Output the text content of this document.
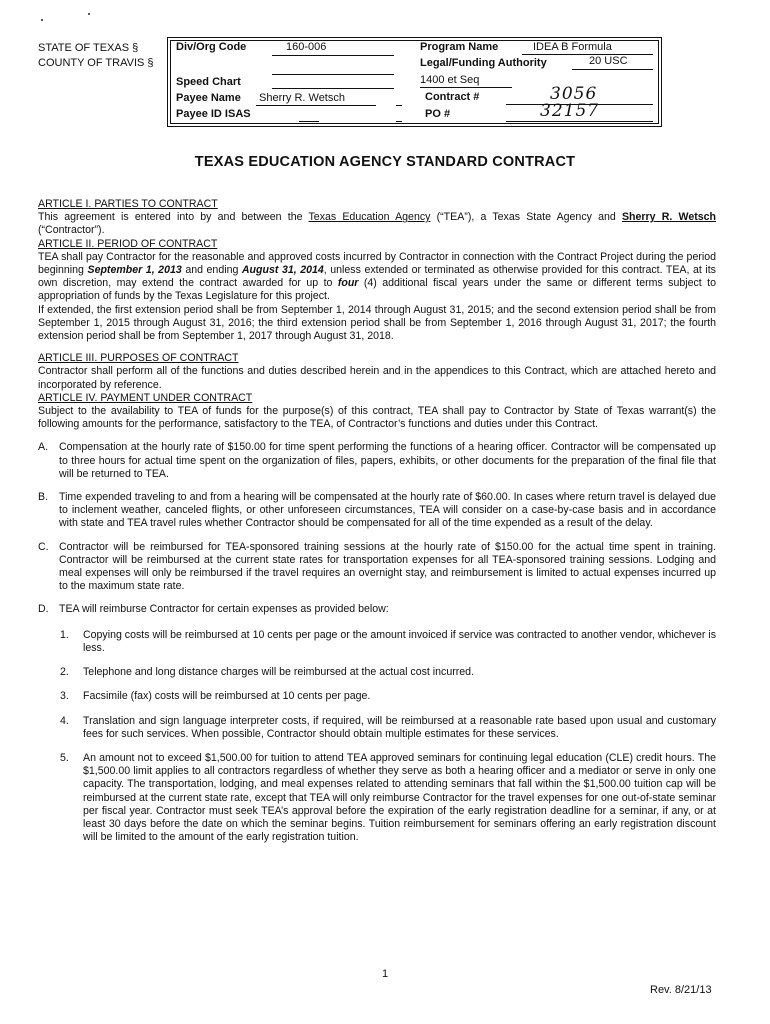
STATE OF TEXAS §
COUNTY OF TRAVIS §
Div/Org Code	160-006
Speed Chart
Payee Name Sherry R. Wetsch
Payee ID ISAS
Program Name	IDEA B Formula
Legal/Funding Authority	20 USC
1400 et Seq
Contract #	3056
PO #	32157
TEXAS EDUCATION AGENCY STANDARD CONTRACT

ARTICLE I. PARTIES TO CONTRACT

This agreement is entered into by and between the Texas Education Agency (“TEA”), a Texas State Agency and Sherry R. Wetsch (“Contractor”).

ARTICLE II. PERIOD OF CONTRACT

TEA shall pay Contractor for the reasonable and approved costs incurred by Contractor in connection with the Contract Project during the period beginning September 1, 2013 and ending August 31, 2014, unless extended or terminated as otherwise provided for this contract. TEA, at its own discretion, may extend the contract awarded for up to four (4) additional fiscal years under the same or different terms subject to appropriation of funds by the Texas Legislature for this project.

If extended, the first extension period shall be from September 1, 2014 through August 31, 2015; and the second extension period shall be from September 1, 2015 through August 31, 2016; the third extension period shall be from September 1, 2016 through August 31, 2017; the fourth extension period shall be from September 1, 2017 through August 31, 2018.

ARTICLE III. PURPOSES OF CONTRACT

Contractor shall perform all of the functions and duties described herein and in the appendices to this Contract, which are attached hereto and incorporated by reference.

ARTICLE IV. PAYMENT UNDER CONTRACT

Subject to the availability to TEA of funds for the purpose(s) of this contract, TEA shall pay to Contractor by State of Texas warrant(s) the following amounts for the performance, satisfactory to the TEA, of Contractor’s functions and duties under this Contract.

A. Compensation at the hourly rate of $150.00 for time spent performing the functions of a hearing officer. Contractor will be compensated up to three hours for actual time spent on the organization of files, papers, exhibits, or other documents for the preparation of the final file that will be returned to TEA.
B. Time expended traveling to and from a hearing will be compensated at the hourly rate of $60.00. In cases where return travel is delayed due to inclement weather, canceled flights, or other unforeseen circumstances, TEA will consider on a case-by-case basis and in accordance with state and TEA travel rules whether Contractor should be compensated for all of the time expended as a result of the delay.
C. Contractor will be reimbursed for TEA-sponsored training sessions at the hourly rate of $150.00 for the actual time spent in training. Contractor will be reimbursed at the current state rates for transportation expenses for all TEA-sponsored training sessions. Lodging and meal expenses will only be reimbursed if the travel requires an overnight stay, and reimbursement is limited to actual expenses incurred up to the maximum state rate.
D. TEA will reimburse Contractor for certain expenses as provided below:
1. Copying costs will be reimbursed at 10 cents per page or the amount invoiced if service was contracted to another vendor, whichever is less.
2. Telephone and long distance charges will be reimbursed at the actual cost incurred.
3. Facsimile (fax) costs will be reimbursed at 10 cents per page.
4. Translation and sign language interpreter costs, if required, will be reimbursed at a reasonable rate based upon usual and customary fees for such services. When possible, Contractor should obtain multiple estimates for these services.
5. An amount not to exceed $1,500.00 for tuition to attend TEA approved seminars for continuing legal education (CLE) credit hours. The $1,500.00 limit applies to all contractors regardless of whether they serve as both a hearing officer and a mediator or serve in only one capacity. The transportation, lodging, and meal expenses related to attending seminars that fall within the $1,500.00 tuition cap will be reimbursed at the current state rate, except that TEA will only reimburse Contractor for the travel expenses for one out-of-state seminar per fiscal year. Contractor must seek TEA’s approval before the expiration of the early registration deadline for a seminar, if any, or at least 30 days before the date on which the seminar begins. Tuition reimbursement for seminars offering an early registration discount will be limited to the amount of the early registration tuition.
1
Rev. 8/21/13
